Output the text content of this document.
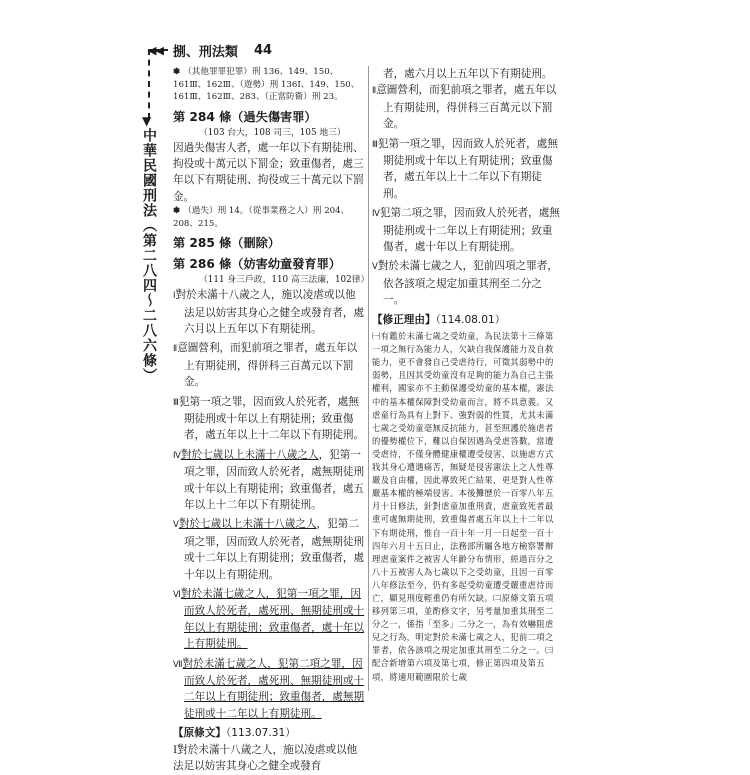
▼
◀◀ 捌、刑法類 44
中華民國刑法（第二八四～二八六條）
✽ （其他罪罪犯罪）刑 136、149、150、161Ⅲ、162Ⅲ、（遊勢）刑 136Ⅰ、149、150、161Ⅲ、162Ⅲ、283、（正當防衛）刑 23。
第 284 條（過失傷害罪）
（103 台大，108 司三，105 地三）
因過失傷害人者，處一年以下有期徒刑、拘役或十萬元以下罰金；致重傷者，處三年以下有期徒刑、拘役或三十萬元以下罰金。
✽ （過失）刑 14。（從事業務之人）刑 204、208、215。
第 285 條（刪除）
第 286 條（妨害幼童發育罪）
（111 身三戶政，110 高三法廉，102律）
Ⅰ對於未滿十八歲之人，施以凌虐或以他法足以妨害其身心之健全或發育者，處六月以上五年以下有期徒刑。
Ⅱ意圖營利，而犯前項之罪者，處五年以上有期徒刑，得併科三百萬元以下罰金。
Ⅲ犯第一項之罪，因而致人於死者，處無期徒刑或十年以上有期徒刑；致重傷者，處五年以上十二年以下有期徒刑。
Ⅳ對於七歲以上未滿十八歲之人，犯第一項之罪，因而致人於死者，處無期徒刑或十年以上有期徒刑；致重傷者，處五年以上十二年以下有期徒刑。
Ⅴ對於七歲以上未滿十八歲之人，犯第二項之罪，因而致人於死者，處無期徒刑或十二年以上有期徒刑；致重傷者，處十年以上有期徒刑。
Ⅵ對於未滿七歲之人，犯第一項之罪，因而致人於死者，處死刑、無期徒刑或十年以上有期徒刑；致重傷者，處十年以上有期徒刑。
Ⅶ對於未滿七歲之人，犯第二項之罪，因而致人於死者，處死刑、無期徒刑或十二年以上有期徒刑；致重傷者，處無期徒刑或十二年以上有期徒刑。
【原條文】（113.07.31）
Ⅰ對於未滿十八歲之人，施以凌虐或以他法足以妨害其身心之健全或發育
者，處六月以上五年以下有期徒刑。
Ⅱ意圖營利，而犯前項之罪者，處五年以上有期徒刑，得併科三百萬元以下罰金。
Ⅲ犯第一項之罪，因而致人於死者，處無期徒刑或十年以上有期徒刑；致重傷者，處五年以上十二年以下有期徒刑。
Ⅳ犯第二項之罪，因而致人於死者，處無期徒刑或十二年以上有期徒刑；致重傷者，處十年以上有期徒刑。
Ⅴ對於未滿七歲之人，犯前四項之罪者，依各該項之規定加重其刑至二分之一。
【修正理由】（114.08.01）
㈠有鑑於未滿七歲之受幼童，為民法第十三條第一項之無行為能力人，欠缺自我保護能力及自救能力，更不會發自己受虐待行，可徵其弱勢中的弱勢，且因其受幼童沒有足夠的能力為自己主張權利，國家亦不主動保護受幼童的基本權，憲法中的基本權保障對受幼童而言，將不具意義。又虐童行為具有上對下、強對弱的性質，尤其未滿七歲之受幼童毫無反抗能力，甚至照護於施虐者的優勢權位下，難以自保因遇為受虐答數，當遭受虐待，不僅身體健康權遭受侵害，以施虐方式戕其身心遭遇痛苦，無疑是侵害憲法上之人性尊嚴及自由權，因此導致死亡結果，更是對人性尊嚴基本權的極端侵害。本後攤歷於一百零八年五月十日修法，針對虐童加重刑責，虐童致死者最重可處無期徒刑，致重傷者處五年以上十二年以下有期徒刑，惟自一百十年一月一日起至一百十四年六月十五日止，法務部所屬各地方檢察署辦理虐童案件之被害人年齡分布情形，經過百分之八十五被害人為七歲以下之受幼童，且因一百零八年修法至今，仍有多起受幼童遭受嚴重虐待而亡，顯見刑度輕重仍有所欠缺。㈡原條文第五項移列第三項，並酌修文字，另考量加重其刑至二分之一，係指「至多」二分之一，為有效嚇阻虐兒之行為，明定對於未滿七歲之人，犯前二項之罪者，依各該項之規定加重其刑至二分之一。㈢配合新增第六項及第七項，修正第四項及第五項，將適用範圍限於七歲
